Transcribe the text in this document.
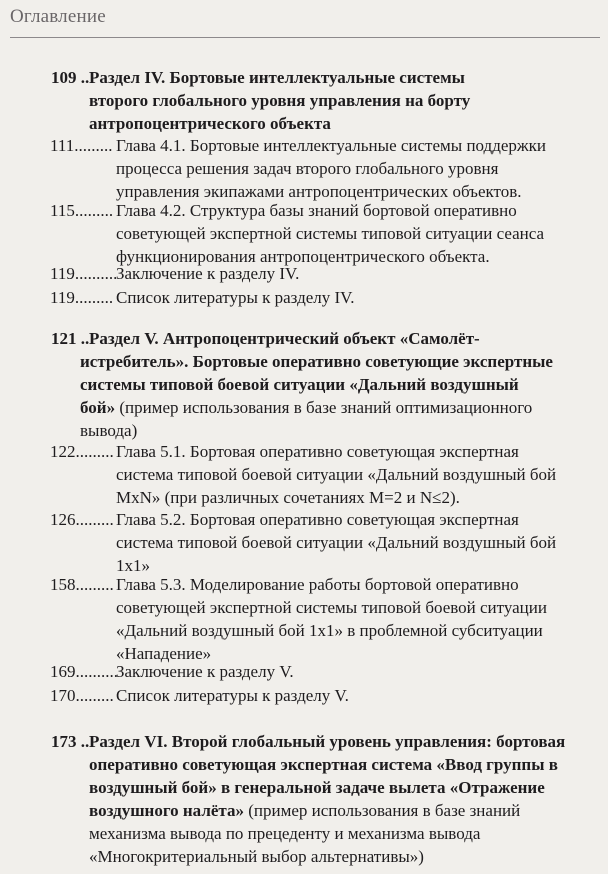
Оглавление
109 .. Раздел IV. Бортовые интеллектуальные системы
второго глобального уровня управления на борту
антропоцентрического объекта
111......... Глава 4.1. Бортовые интеллектуальные системы поддержки
процесса решения задач второго глобального уровня
управления экипажами антропоцентрических объектов.
115......... Глава 4.2. Структура базы знаний бортовой оперативно
советующей экспертной системы типовой ситуации сеанса
функционирования антропоцентрического объекта.
119..........
Заключение к разделу IV.
119......... Список литературы к разделу IV.
121 .. Раздел V. Антропоцентрический объект «Самолёт-
истребитель». Бортовые оперативно советующие экспертные
системы типовой боевой ситуации «Дальний воздушный
бой» (пример использования в базе знаний оптимизационного
вывода)
122......... Глава 5.1. Бортовая оперативно советующая экспертная
система типовой боевой ситуации «Дальний воздушный бой
MxN» (при различных сочетаниях M=2 и N≤2).
126......... Глава 5.2. Бортовая оперативно советующая экспертная
система типовой боевой ситуации «Дальний воздушный бой
1x1»
158......... Глава 5.3. Моделирование работы бортовой оперативно
советующей экспертной системы типовой боевой ситуации
«Дальний воздушный бой 1x1» в проблемной субситуации
«Нападение»
169..........
Заключение к разделу V.
170......... Список литературы к разделу V.
173 .. Раздел VI. Второй глобальный уровень управления: бортовая
оперативно советующая экспертная система «Ввод группы в
воздушный бой» в генеральной задаче вылета «Отражение
воздушного налёта» (пример использования в базе знаний
механизма вывода по прецеденту и механизма вывода
«Многокритериальный выбор альтернативы»)
